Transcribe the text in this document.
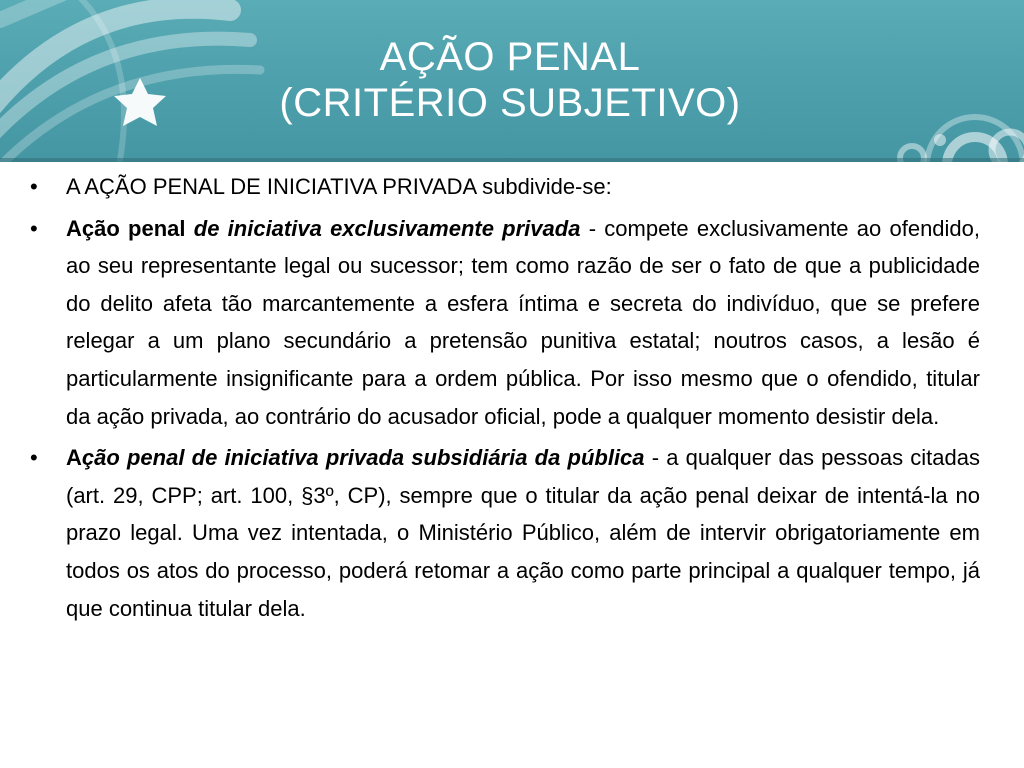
AÇÃO PENAL
(CRITÉRIO SUBJETIVO)
• A AÇÃO PENAL DE INICIATIVA PRIVADA subdivide-se:
• Ação penal de iniciativa exclusivamente privada - compete exclusivamente ao ofendido, ao seu representante legal ou sucessor; tem como razão de ser o fato de que a publicidade do delito afeta tão marcantemente a esfera íntima e secreta do indivíduo, que se prefere relegar a um plano secundário a pretensão punitiva estatal; noutros casos, a lesão é particularmente insignificante para a ordem pública. Por isso mesmo que o ofendido, titular da ação privada, ao contrário do acusador oficial, pode a qualquer momento desistir dela.
• Ação penal de iniciativa privada subsidiária da pública - a qualquer das pessoas citadas (art. 29, CPP; art. 100, §3º, CP), sempre que o titular da ação penal deixar de intentá-la no prazo legal. Uma vez intentada, o Ministério Público, além de intervir obrigatoriamente em todos os atos do processo, poderá retomar a ação como parte principal a qualquer tempo, já que continua titular dela.
